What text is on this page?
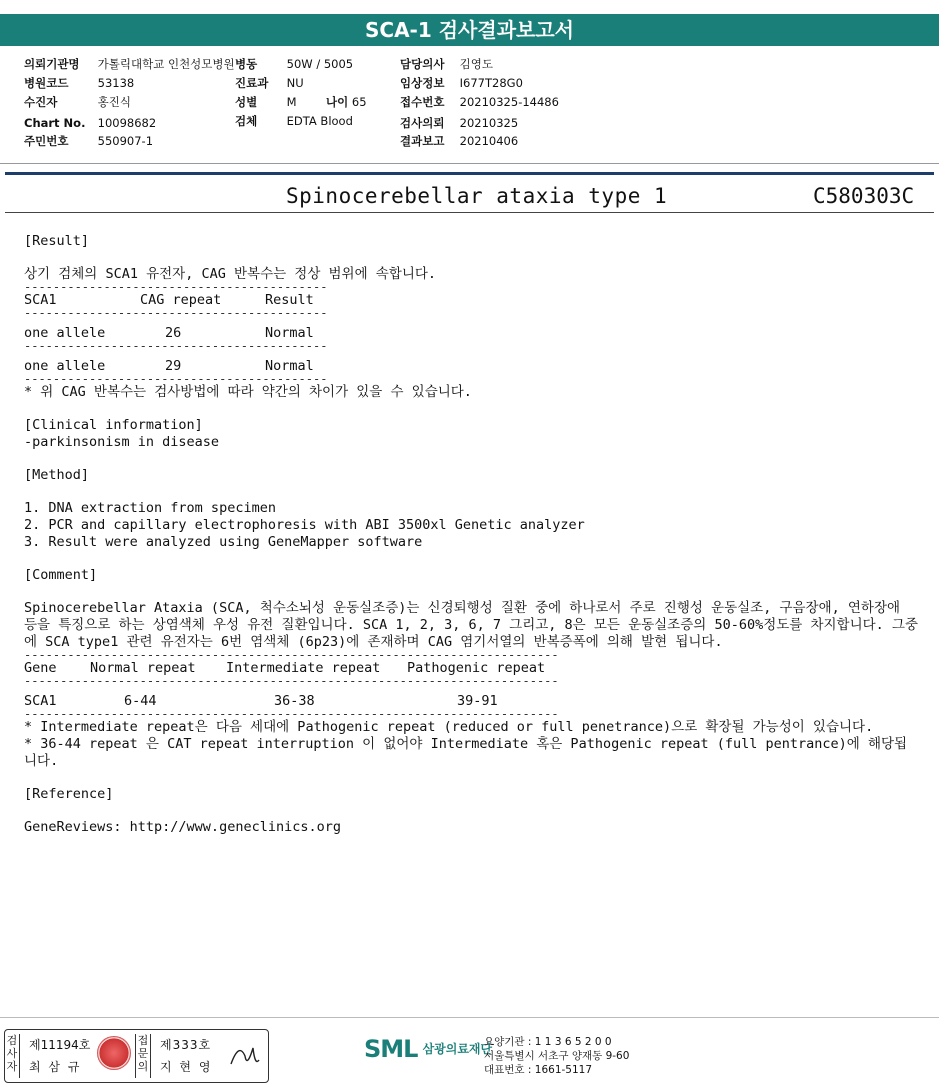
SCA-1 검사결과보고서
의뢰기관명 가톨릭대학교 인천성모병원
병원코드	53138
수진자	홍진식
Chart No. 10098682
주민번호	550907-1
병동	50W / 5005
진료과 NU
성별	M	나이 65
검체	EDTA Blood
담당의사 김영도
임상정보 I677T28G0
접수번호 20210325-14486
검사의뢰 20210325
결과보고 20210406
Spinocerebellar ataxia type 1	C580303C
[Result]
상기 검체의 SCA1 유전자, CAG 반복수는 정상 범위에 속합니다.
------------------------------------------
SCA1	CAG repeat	Result
------------------------------------------
one allele	26	Normal
------------------------------------------
one allele	29	Normal
------------------------------------------
* 위 CAG 반복수는 검사방법에 따라 약간의 차이가 있을 수 있습니다.
[Clinical information]
-parkinsonism in disease
[Method]
1. DNA extraction from specimen
2. PCR and capillary electrophoresis with ABI 3500xl Genetic analyzer
3. Result were analyzed using GeneMapper software
[Comment]
Spinocerebellar Ataxia (SCA, 척수소뇌성 운동실조증)는 신경퇴행성 질환 중에 하나로서 주로 진행성 운동실조, 구음장애, 연하장애 등을 특징으로 하는 상염색체 우성 유전 질환입니다. SCA 1, 2, 3, 6, 7 그리고, 8은 모든 운동실조증의 50-60%정도를 차지합니다. 그중에 SCA type1 관련 유전자는 6번 염색체 (6p23)에 존재하며 CAG 염기서열의 반복증폭에 의해 발현 됩니다.
--------------------------------------------------------------------------
Gene Normal repeat Intermediate repeat Pathogenic repeat
--------------------------------------------------------------------------
SCA1	6-44	36-38	39-91
--------------------------------------------------------------------------
* Intermediate repeat은 다음 세대에 Pathogenic repeat (reduced or full penetrance)으로 확장될 가능성이 있습니다.
* 36-44 repeat 은 CAT repeat interruption 이 없어야 Intermediate 혹은 Pathogenic repeat (full pentrance)에 해당됩니다.
[Reference]
GeneReviews: http://www.geneclinics.org
검
사
자
제11194호
최 삼 규
접
문
의
제333호
지 현 영
SML $^{삼광의료재단}$
요양기관 : 1 1 3 6 5 2 0 0
서울특별시 서초구 양재동 9-60
대표번호 : 1661-5117
